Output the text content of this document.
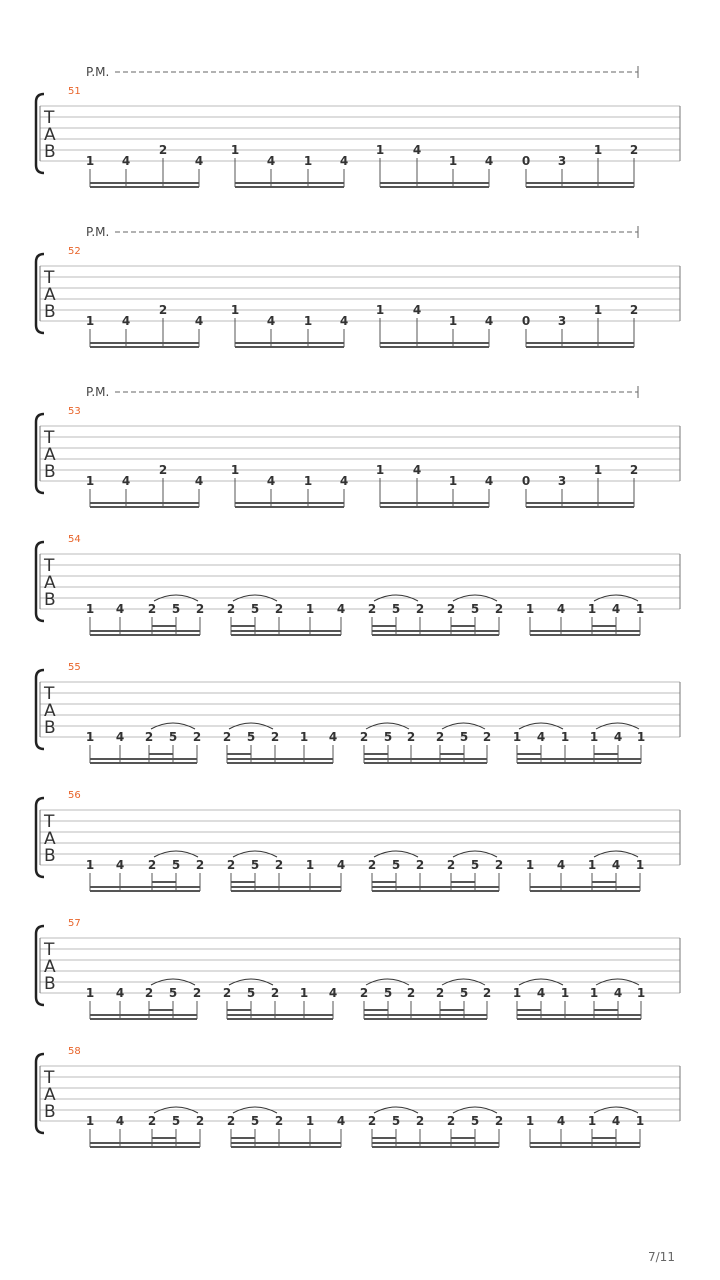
P.M.
51
T
A
B	1 4
2
4
1
4 1 4
1 4
1 4 0 3
1 2
P.M.
52
T
A
B	1 4
2
4
1
4 1 4
1 4
1 4 0 3
1 2
P.M.
53
T
A
B	1 4
2
4
1
4 1 4
1 4
1 4 0 3
1 2
54
T
A
B	1 4 2 5 2 2 5 2 1 4 2 5 2 2 5 2 1 4 1 4 1
55
T
A
B	1 4 2 5 2 2 5 2 1 4 2 5 2 2 5 2 1 4 1 1 4 1
56
T
A
B	1 4 2 5 2 2 5 2 1 4 2 5 2 2 5 2 1 4 1 4 1
57
T
A
B	1 4 2 5 2 2 5 2 1 4 2 5 2 2 5 2 1 4 1 1 4 1
58
T
A
B	1 4 2 5 2 2 5 2 1 4 2 5 2 2 5 2 1 4 1 4 1
7/11
